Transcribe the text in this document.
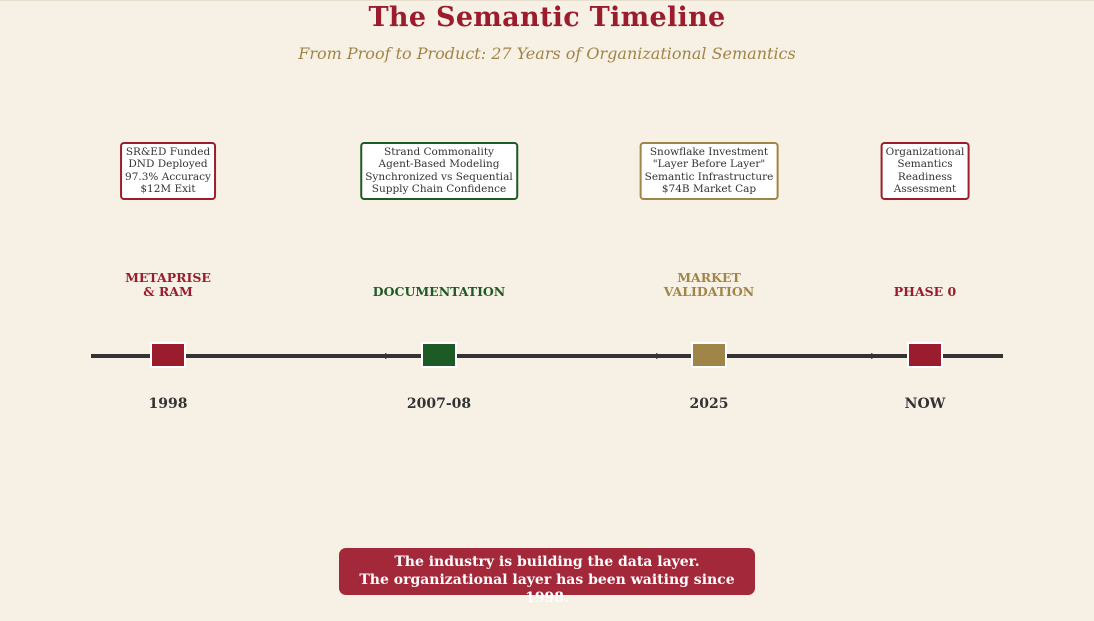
The Semantic Timeline
From Proof to Product: 27 Years of Organizational Semantics
SR&ED Funded
DND Deployed
97.3% Accuracy
$12M Exit
Strand Commonality
Agent-Based Modeling
Synchronized vs Sequential
Supply Chain Confidence
Snowflake Investment
"Layer Before Layer"
Semantic Infrastructure
$74B Market Cap
Organizational
Semantics
Readiness
Assessment
METAPRISE
& RAM	DOCUMENTATION
MARKET
VALIDATION	PHASE 0
1998	2007-08	2025	NOW
The industry is building the data layer.
The organizational layer has been waiting since 1998.
